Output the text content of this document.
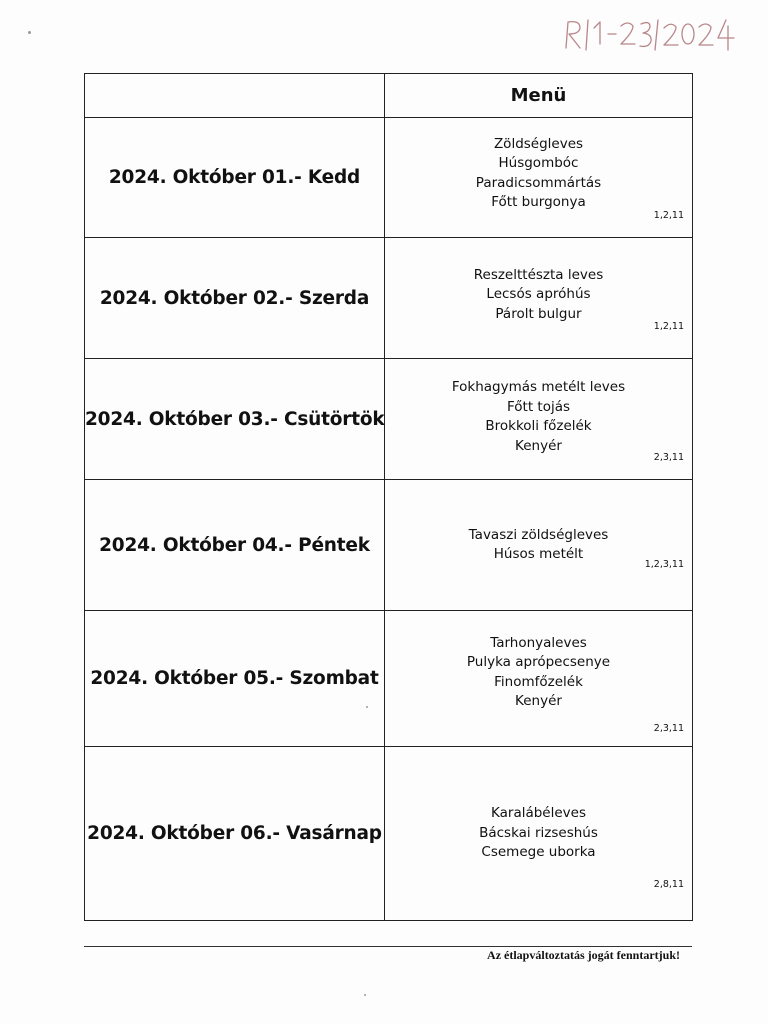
	Menü
2024. Október 01.- Kedd	Zöldségleves
Húsgombóc
Paradicsommártás
Főtt burgonya
1,2,11

2024. Október 02.- Szerda	Reszelttészta leves
Lecsós apróhús
Párolt bulgur
1,2,11

2024. Október 03.- Csütörtök	Fokhagymás metélt leves
Főtt tojás
Brokkoli főzelék
Kenyér
2,3,11

2024. Október 04.- Péntek	Tavaszi zöldségleves
Húsos metélt
1,2,3,11

2024. Október 05.- Szombat	Tarhonyaleves
Pulyka aprópecsenye
Finomfőzelék
Kenyér
2,3,11

2024. Október 06.- Vasárnap	Karalábéleves
Bácskai rizseshús
Csemege uborka
2,8,11
Az étlapváltoztatás jogát fenntartjuk!
